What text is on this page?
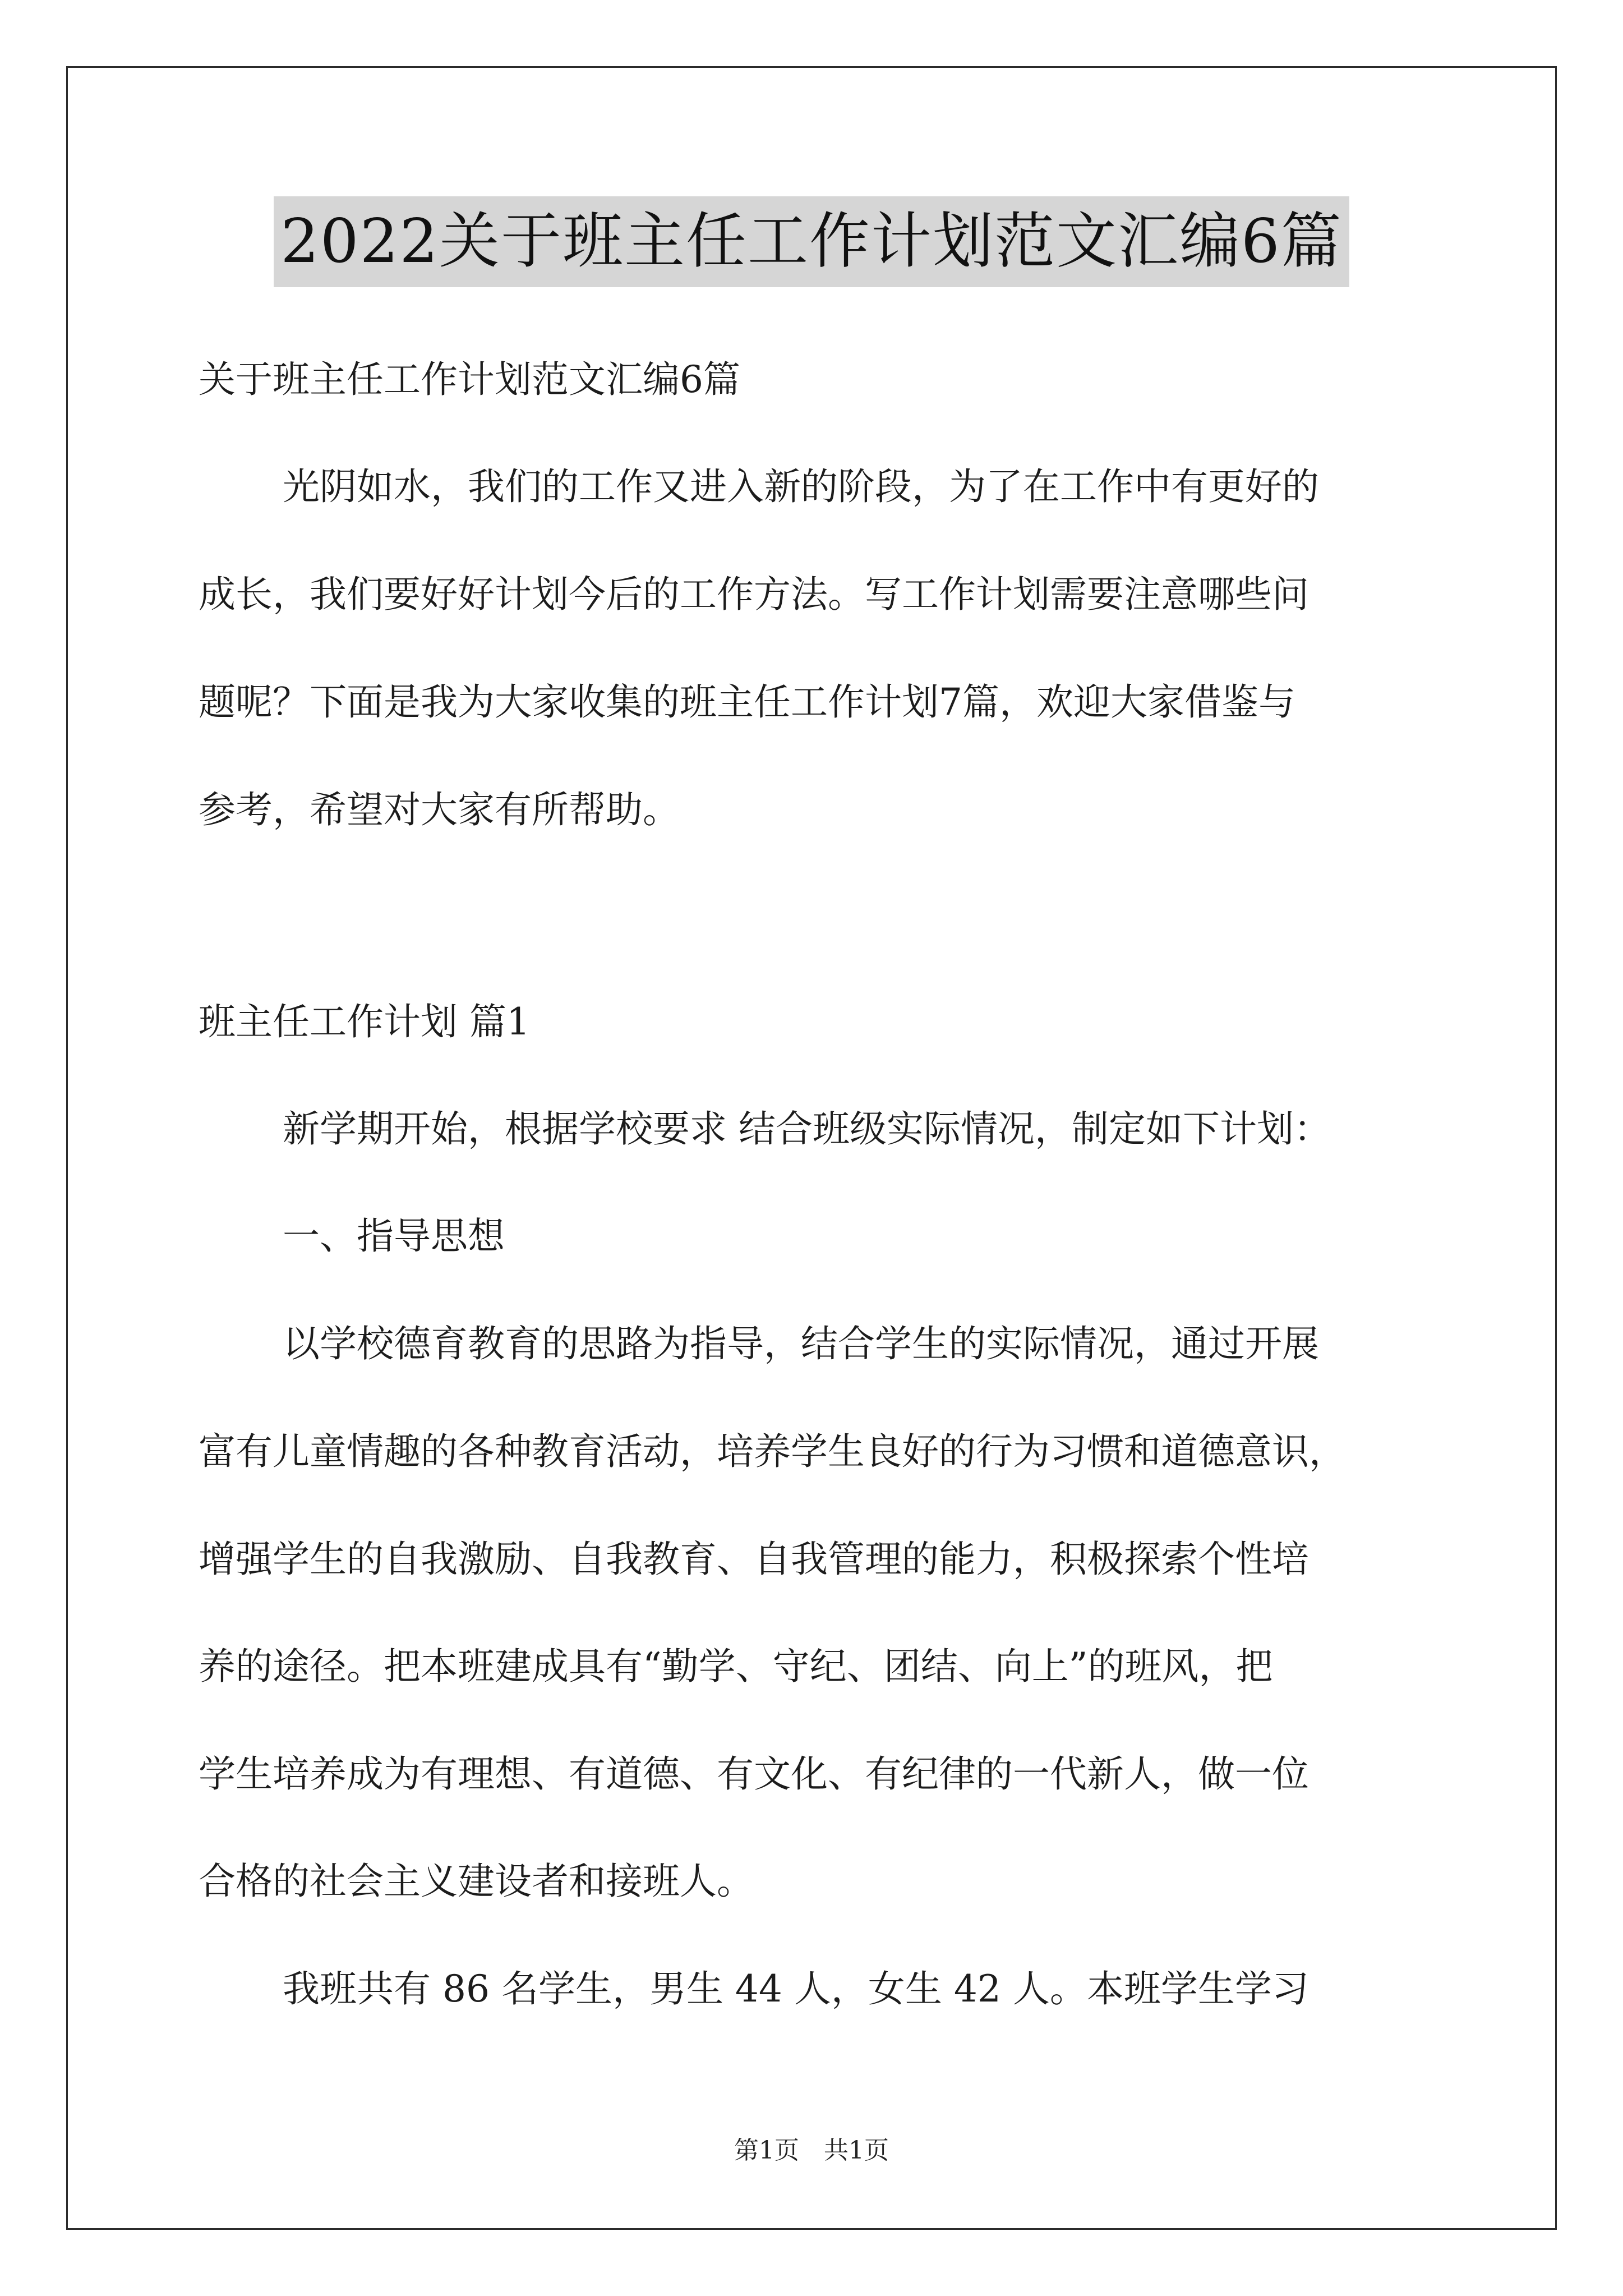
2022关于班主任工作计划范文汇编6篇
关于班主任工作计划范文汇编6篇
光阴如水，我们的工作又进入新的阶段，为了在工作中有更好的
成长，我们要好好计划今后的工作方法。写工作计划需要注意哪些问
题呢？下面是我为大家收集的班主任工作计划7篇，欢迎大家借鉴与
参考，希望对大家有所帮助。
班主任工作计划 篇1
新学期开始，根据学校要求 结合班级实际情况，制定如下计划：
一、指导思想
以学校德育教育的思路为指导，结合学生的实际情况，通过开展
富有儿童情趣的各种教育活动，培养学生良好的行为习惯和道德意识，
增强学生的自我激励、自我教育、自我管理的能力，积极探索个性培
养的途径。把本班建成具有“勤学、守纪、团结、向上”的班风，把
学生培养成为有理想、有道德、有文化、有纪律的一代新人，做一位
合格的社会主义建设者和接班人。
我班共有 86 名学生，男生 44 人，女生 42 人。本班学生学习
第1页　共1页
